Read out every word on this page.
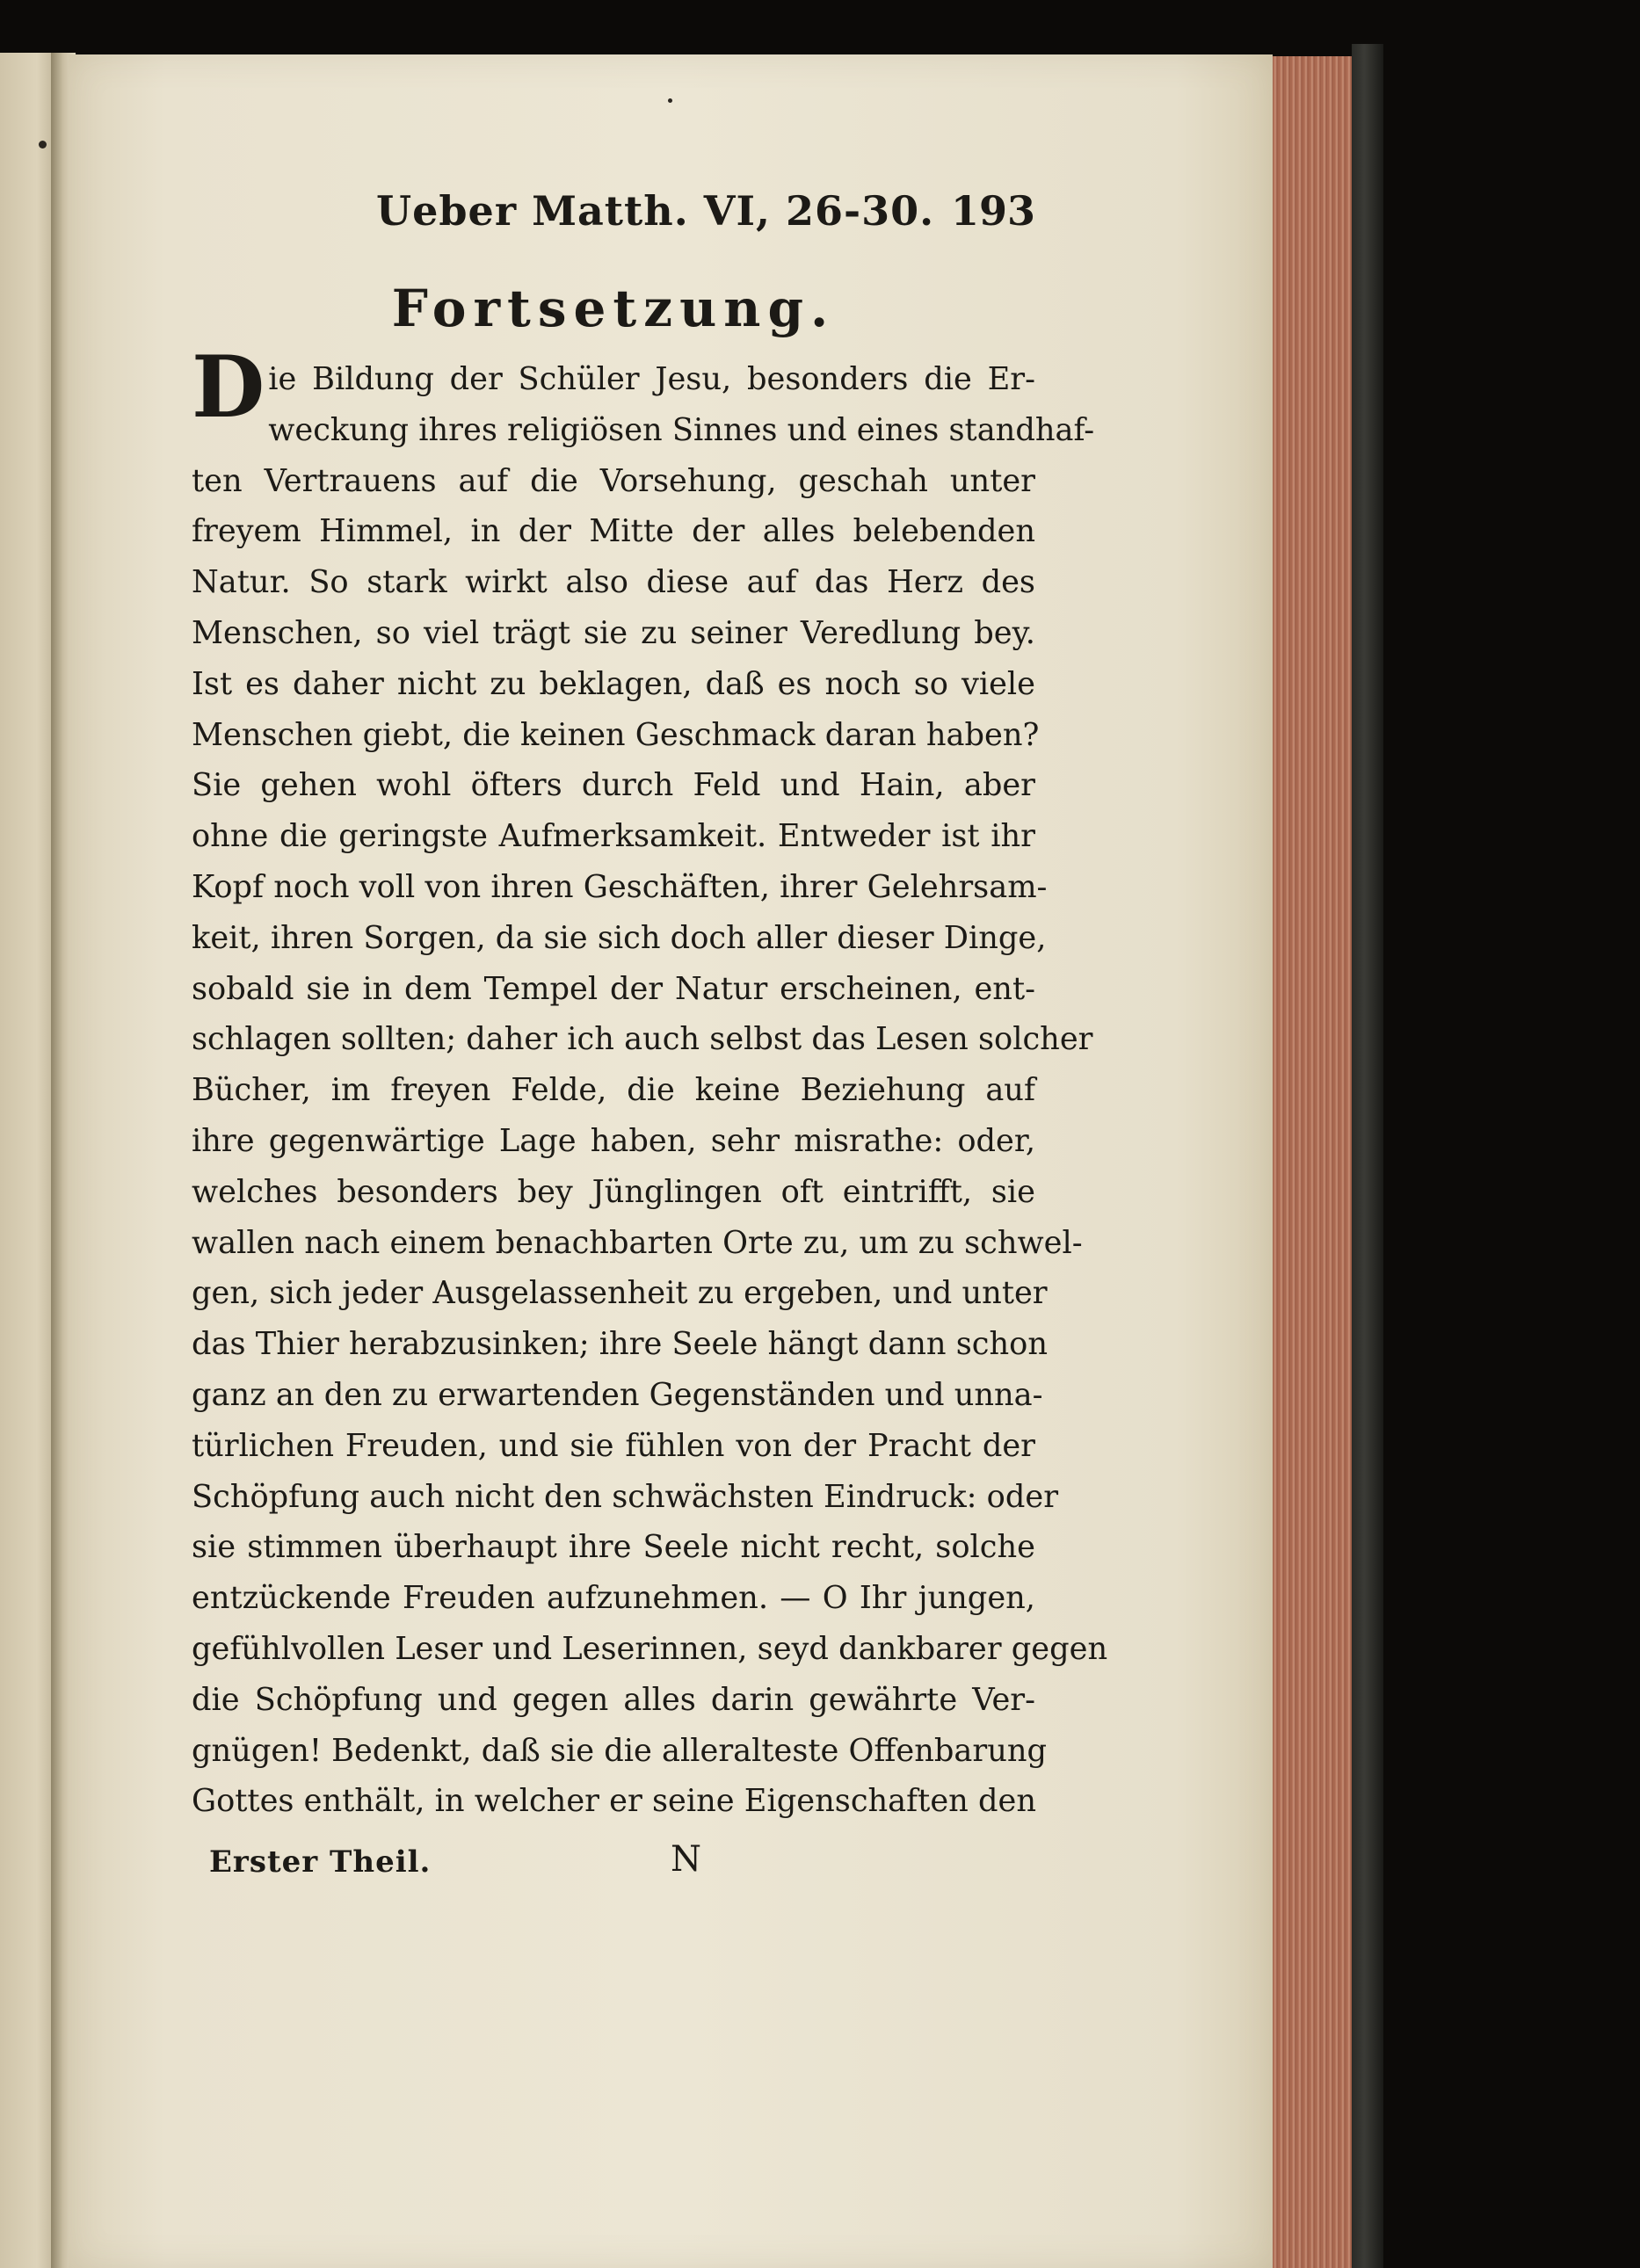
Ueber Matth. VI, 26-30. 193
Fortsetzung.
D ie Bildung der Schüler Jesu, besonders die Er-
weckung ihres religiösen Sinnes und eines standhaf-
ten Vertrauens auf die Vorsehung, geschah unter
freyem Himmel, in der Mitte der alles belebenden
Natur. So stark wirkt also diese auf das Herz des
Menschen, so viel trägt sie zu seiner Veredlung bey.
Ist es daher nicht zu beklagen, daß es noch so viele
Menschen giebt, die keinen Geschmack daran haben?
Sie gehen wohl öfters durch Feld und Hain, aber
ohne die geringste Aufmerksamkeit. Entweder ist ihr
Kopf noch voll von ihren Geschäften, ihrer Gelehrsam-
keit, ihren Sorgen, da sie sich doch aller dieser Dinge,
sobald sie in dem Tempel der Natur erscheinen, ent-
schlagen sollten; daher ich auch selbst das Lesen solcher
Bücher, im freyen Felde, die keine Beziehung auf
ihre gegenwärtige Lage haben, sehr misrathe: oder,
welches besonders bey Jünglingen oft eintrifft, sie
wallen nach einem benachbarten Orte zu, um zu schwel-
gen, sich jeder Ausgelassenheit zu ergeben, und unter
das Thier herabzusinken; ihre Seele hängt dann schon
ganz an den zu erwartenden Gegenständen und unna-
türlichen Freuden, und sie fühlen von der Pracht der
Schöpfung auch nicht den schwächsten Eindruck: oder
sie stimmen überhaupt ihre Seele nicht recht, solche
entzückende Freuden aufzunehmen. — O Ihr jungen,
gefühlvollen Leser und Leserinnen, seyd dankbarer gegen
die Schöpfung und gegen alles darin gewährte Ver-
gnügen! Bedenkt, daß sie die alleralteste Offenbarung
Gottes enthält, in welcher er seine Eigenschaften den
Erster Theil.	N
